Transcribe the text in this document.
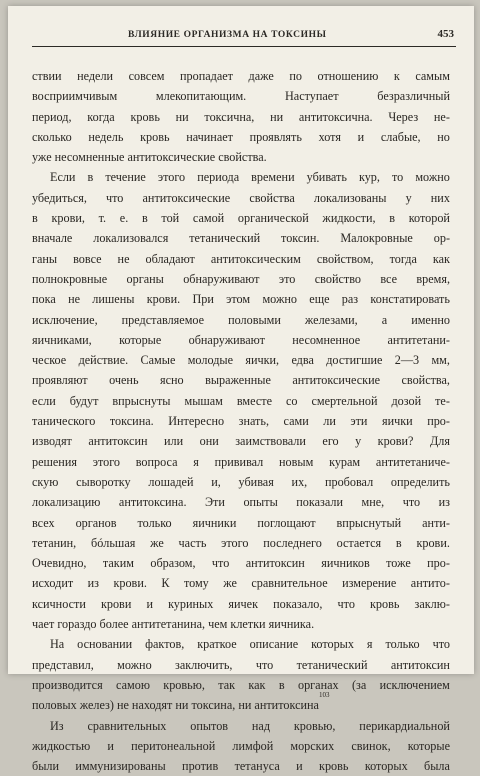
ВЛИЯНИЕ ОРГАНИЗМА НА ТОКСИНЫ	453
ствии недели совсем пропадает даже по отношению к самым
восприимчивым	млекопитающим.	Наступает	безразличный
период, когда кровь ни токсична, ни антитоксична. Через не-
сколько недель кровь начинает проявлять хотя и слабые, но
уже несомненные антитоксические свойства.
Если в течение этого периода времени убивать кур, то можно
убедиться, что антитоксические свойства локализованы у них
в крови, т. е. в той самой органической жидкости, в которой
вначале локализовался тетанический токсин. Малокровные ор-
ганы вовсе не обладают антитоксическим свойством, тогда как
полнокровные органы обнаруживают это свойство все время,
пока не лишены крови. При этом можно еще раз констатировать
исключение, представляемое половыми железами, а именно
яичниками, которые обнаруживают несомненное антитетани-
ческое действие. Самые молодые яички, едва достигшие 2—3 мм,
проявляют очень ясно выраженные антитоксические свойства,
если будут впрыснуты мышам вместе со смертельной дозой те-
танического токсина. Интересно знать, сами ли эти яички про-
изводят антитоксин или они заимствовали его у крови? Для
решения этого вопроса я прививал новым курам антитетаниче-
скую сыворотку лошадей и, убивая их, пробовал определить
локализацию антитоксина. Эти опыты показали мне, что из
всех органов только яичники поглощают впрыснутый анти-
тетанин, бóльшая же часть этого последнего остается в крови.
Очевидно, таким образом, что антитоксин яичников тоже про-
исходит из крови. К тому же сравнительное измерение антито-
ксичности крови и куриных яичек показало, что кровь заклю-
чает гораздо более антитетанина, чем клетки яичника.
На основании фактов, краткое описание которых я только что
представил, можно заключить, что тетанический антитоксин
производится самою кровью, так как в органах (за исключением
половых желез) не находят ни токсина, ни антитоксина
103
Из сравнительных опытов над кровью, перикардиальной
жидкостью и перитонеальной лимфой морских свинок, которые
были иммунизированы против тетануса и кровь которых была
